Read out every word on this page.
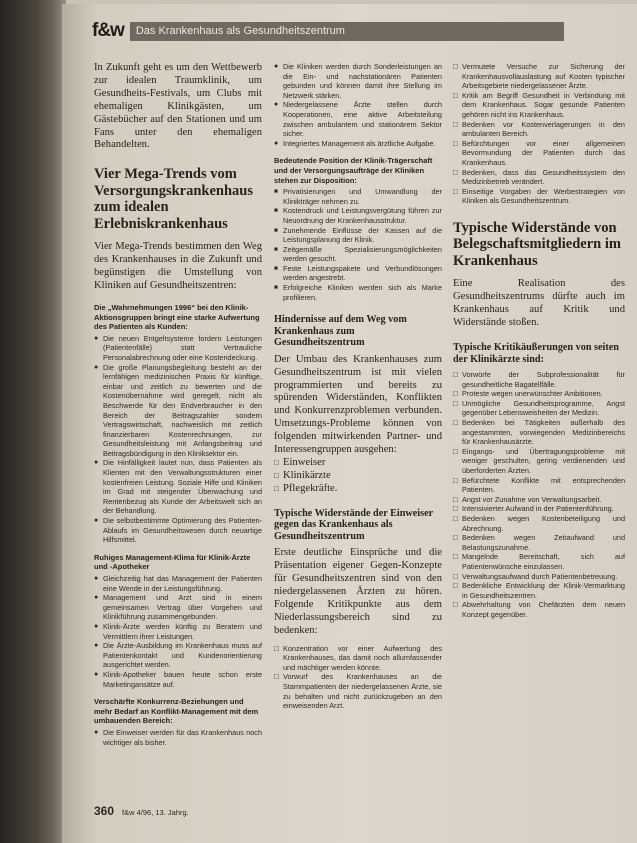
f&w	Das Krankenhaus als Gesundheitszentrum

In Zukunft geht es um den Wettbewerb zur idealen Traumklinik, um Gesundheits-Festivals, um Clubs mit ehemaligen Klinikgästen, um Gästebücher auf den Stationen und um Fans unter den ehemaligen Behandelten.

Vier Mega-Trends vom Versorgungskrankenhaus zum idealen Erlebniskrankenhaus

Vier Mega-Trends bestimmen den Weg des Krankenhauses in die Zukunft und begünstigen die Umstellung von Kliniken auf Gesundheitszentren:

Die „Wahrnehmungen 1996“ bei den Klinik-Aktionsgruppen bringt eine starke Aufwertung des Patienten als Kunden:
● Die neuen Entgeltsysteme fordern Leistungen (Patientenfälle) statt Vertrauliche Personalabrechnung oder eine Kostendeckung.
● Die große Planungsbegleitung besteht an der lernfähigen medizinischen Praxis für künftige, einbar und zeitlich zu bewerten und die Kostenübernahme wird geregelt, nicht als Beschwerde für den Endverbraucher in den Bereich der Beitragszahler sondern Vertragswirtschaft, nachweislich mit zeitlich finanzierbaren Kostenrechnungen, zur Gesundheitsleistung mit Anfangsbeitrag und Beitragsbündigung in den Kliniksektor ein.
● Die Hinfälligkeit lautet nun, dass Patienten als Klienten mit den Verwaltungsstrukturen einer kostenfreien Leistung. Soziale Hilfe und Kliniken im Grad mit steigender Überwachung und Rentenbezug als Kunde der Arbeitswelt sich an der Behandlung.
● Die selbstbestimmte Optimierung des Patienten-Ablaufs im Gesundheitswesen durch neuartige Hilfsmittel.
Ruhiges Management-Klima für Klinik-Ärzte und -Apotheker
● Gleichzeitig hat das Management der Patienten eine Wende in der Leistungsführung.
● Management und Arzt sind in einem gemeinsamen Vertrag über Vorgehen und Klinikführung zusammengebunden.
● Klinik-Ärzte werden künftig zu Beratern und Vermittlern ihrer Leistungen.
● Die Ärzte-Ausbildung im Krankenhaus muss auf Patientenkontakt und Kundenorientierung ausgerichtet werden.
● Klinik-Apotheker bauen heute schon erste Marketingansätze auf.
Verschärfte Konkurrenz-Beziehungen und mehr Bedarf an Konflikt-Management mit dem umbauenden Bereich:
● Die Einweiser werden für das Krankenhaus noch wichtiger als bisher.
● Die Kliniken werden durch Sonderleistungen an die Ein- und nachstationären Patienten gebunden und können damit ihre Stellung im Netzwerk stärken.
● Niedergelassene Ärzte stellen durch Kooperationen, eine aktive Arbeitsteilung zwischen ambulantem und stationärem Sektor sicher.
● Integriertes Management als ärztliche Aufgabe.
Bedeutende Position der Klinik-Trägerschaft und der Versorgungsaufträge der Kliniken stehen zur Disposition:
■ Privatisierungen und Umwandlung der Klinikträger nehmen zu.
■ Kostendruck und Leistungsvergütung führen zur Neuordnung der Krankenhausstruktur.
■ Zunehmende Einflüsse der Kassen auf die Leistungsplanung der Klinik.
■ Zeitgemäße Spezialisierungsmöglichkeiten werden gesucht.
■ Feste Leistungspakete und Verbundlösungen werden angestrebt.
■ Erfolgreiche Kliniken werden sich als Marke profilieren.
Hindernisse auf dem Weg vom Krankenhaus zum Gesundheitszentrum

Der Umbau des Krankenhauses zum Gesundheitszentrum ist mit vielen programmierten und bereits zu spürenden Widerständen, Konflikten und Konkurrenzproblemen verbunden. Umsetzungs-Probleme können von folgenden mitwirkenden Partner- und Interessengruppen ausgehen:

□ Einweiser
□ Klinikärzte
□ Pflegekräfte.
Typische Widerstände der Einweiser gegen das Krankenhaus als Gesundheitszentrum

Erste deutliche Einsprüche und die Präsentation eigener Gegen-Konzepte für Gesundheitszentren sind von den niedergelassenen Ärzten zu hören. Folgende Kritikpunkte aus dem Niederlassungsbereich sind zu bedenken:

□ Konzentration vor einer Aufwertung des Krankenhauses, das damit noch allumfassender und mächtiger werden könnte.
□ Vorwurf des Krankenhauses an die Stammpatienten der niedergelassenen Ärzte, sie zu behalten und nicht zurückzugeben an den einweisenden Arzt.
□ Vermutete Versuche zur Sicherung der Krankenhausvollauslastung auf Kosten typischer Arbeitsgebiete niedergelassener Ärzte.
□ Kritik am Begriff Gesundheit in Verbindung mit dem Krankenhaus. Sogar gesunde Patienten gehören nicht ins Krankenhaus.
□ Bedenken vor Kostenverlagerungen in den ambulanten Bereich.
□ Befürchtungen vor einer allgemeinen Bevormundung der Patienten durch das Krankenhaus.
□ Bedenken, dass das Gesundheitssystem den Medizinbetrieb verändert.
□ Einseitige Vorgaben der Werbestrategien von Kliniken als Gesundheitszentrum.
Typische Widerstände von Belegschaftsmitgliedern im Krankenhaus

Eine Realisation des Gesundheitszentrums dürfte auch im Krankenhaus auf Kritik und Widerstände stoßen.

Typische Kritikäußerungen von seiten der Klinikärzte sind:
□ Vorwürfe der Subprofessionalität für gesundheitliche Bagatellfälle.
□ Proteste wegen unerwünschter Ambitionen.
□ Unmögliche Gesundheitsprogramme, Angst gegenüber Lebensweisheiten der Medizin.
□ Bedenken bei Tätigkeiten außerhalb des angestammten, vorwiegenden Medizinbereichs für Krankenhausärzte.
□ Eingangs- und Übertragungsprobleme mit weniger geschulten, gering verdienenden und überforderten Ärzten.
□ Befürchtete Konflikte mit entsprechenden Patienten.
□ Angst vor Zunahme von Verwaltungsarbeit.
□ Intensivierter Aufwand in der Patientenführung.
□ Bedenken wegen Kostenbeteiligung und Abrechnung.
□ Bedenken wegen Zeitaufwand und Belastungszunahme.
□ Mangelnde Bereitschaft, sich auf Patientenwünsche einzulassen.
□ Verwaltungsaufwand durch Patientenbetreuung.
□ Bedenkliche Entwicklung der Klinik-Vermarktung in Gesundheitszentren.
□ Abwehrhaltung von Chefärzten dem neuen Konzept gegenüber.
360 f&w 4/96, 13. Jahrg.
